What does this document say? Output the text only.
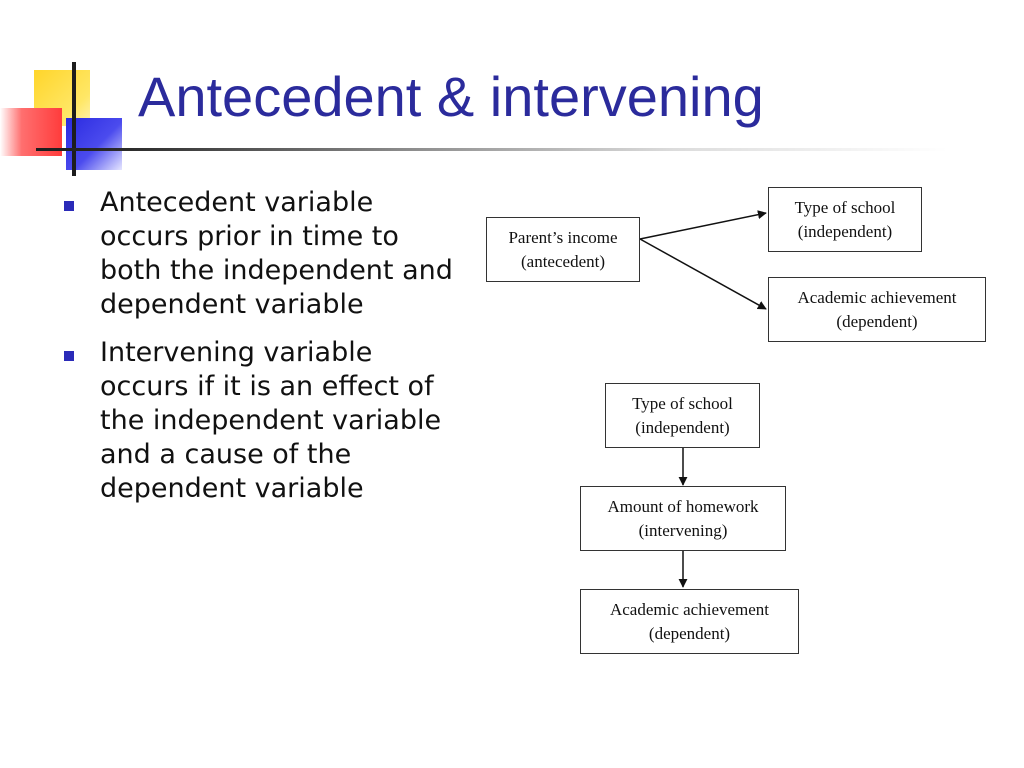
Antecedent & intervening
Antecedent variable occurs prior in time to both the independent and dependent variable
Intervening variable occurs if it is an effect of the independent variable and a cause of the dependent variable
Parent’s income
(antecedent)
Type of school
(independent)
Academic achievement
(dependent)
Type of school
(independent)
Amount of homework
(intervening)
Academic achievement
(dependent)
